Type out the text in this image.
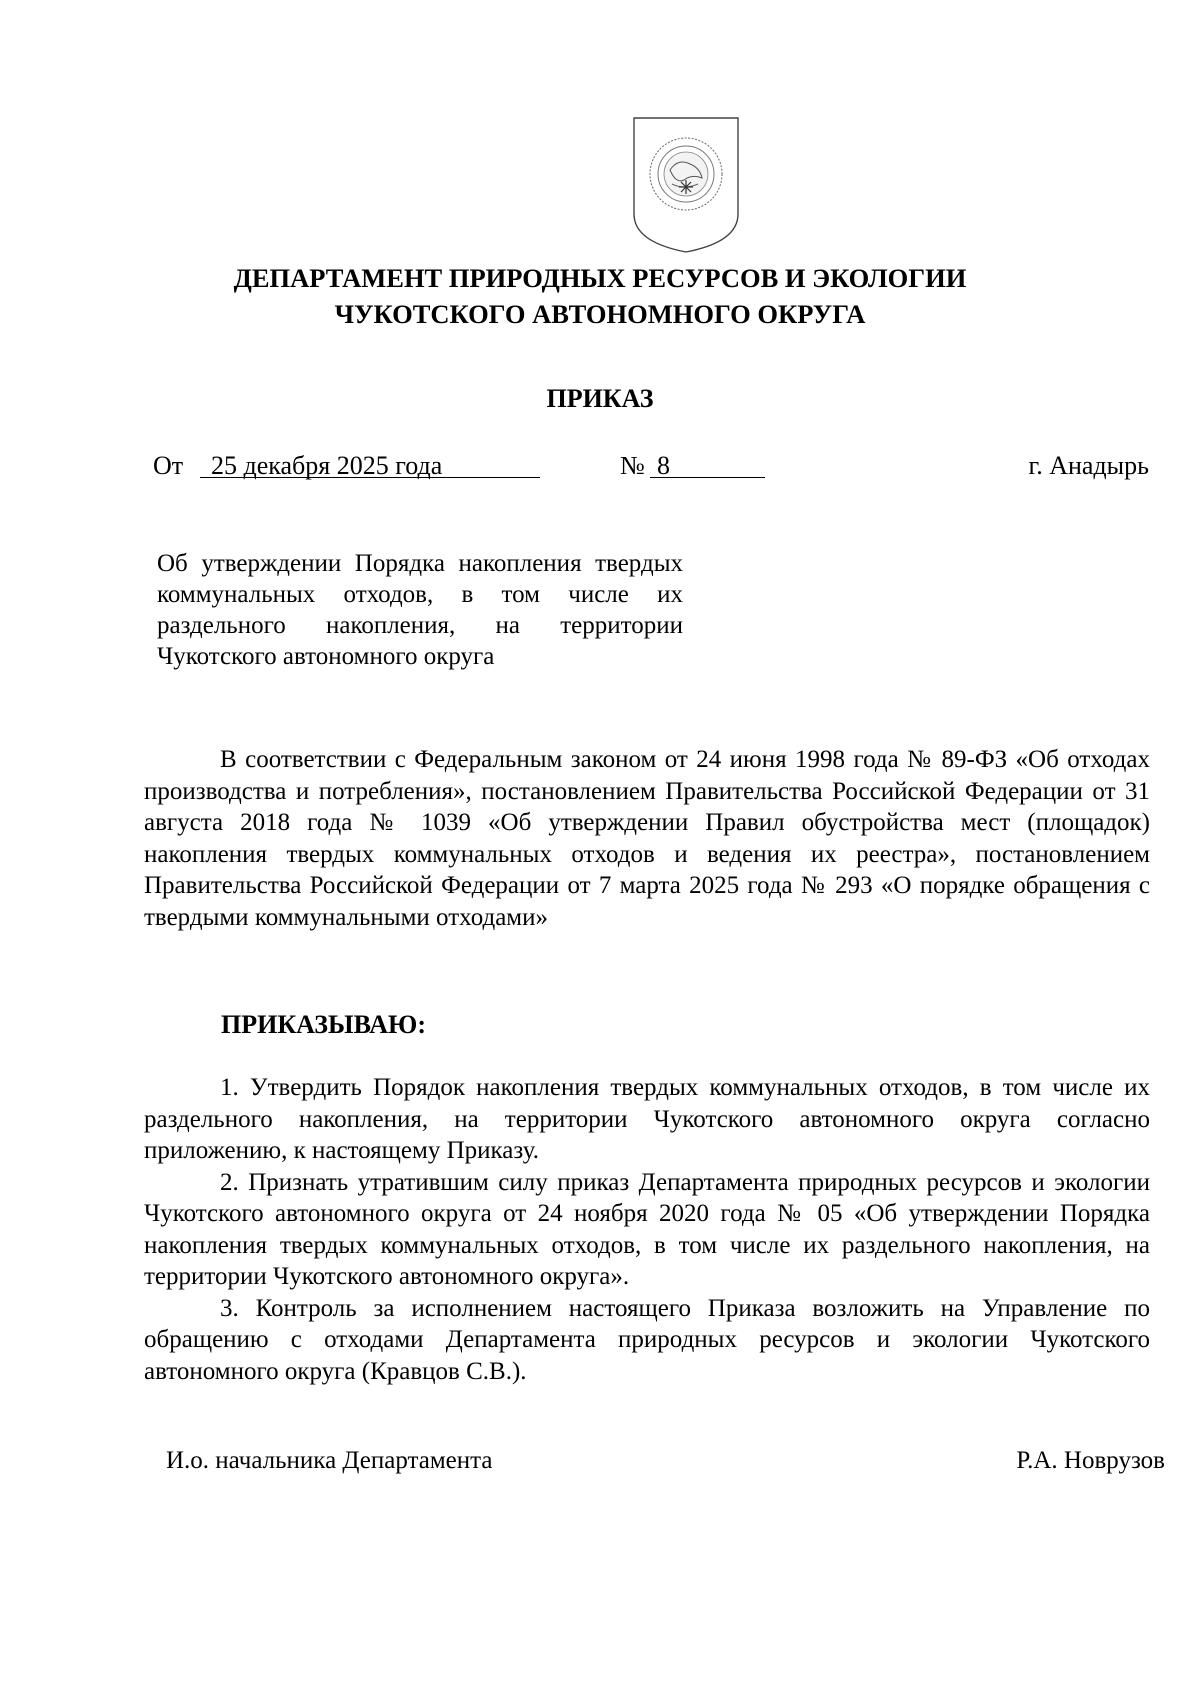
ДЕПАРТАМЕНТ ПРИРОДНЫХ РЕСУРСОВ И ЭКОЛОГИИ
ЧУКОТСКОГО АВТОНОМНОГО ОКРУГА
ПРИКАЗ
От 25 декабря 2025 года	№ 8	г. Анадырь
Об утверждении Порядка накопления твердых коммунальных отходов, в том числе их раздельного накопления, на территории Чукотского автономного округа
В соответствии с Федеральным законом от 24 июня 1998 года № 89-ФЗ «Об отходах производства и потребления», постановлением Правительства Российской Федерации от 31 августа 2018 года № 1039 «Об утверждении Правил обустройства мест (площадок) накопления твердых коммунальных отходов и ведения их реестра», постановлением Правительства Российской Федерации от 7 марта 2025 года № 293 «О порядке обращения с твердыми коммунальными отходами»
ПРИКАЗЫВАЮ:

1. Утвердить Порядок накопления твердых коммунальных отходов, в том числе их раздельного накопления, на территории Чукотского автономного округа согласно приложению, к настоящему Приказу.

2. Признать утратившим силу приказ Департамента природных ресурсов и экологии Чукотского автономного округа от 24 ноября 2020 года № 05 «Об утверждении Порядка накопления твердых коммунальных отходов, в том числе их раздельного накопления, на территории Чукотского автономного округа».

3. Контроль за исполнением настоящего Приказа возложить на Управление по обращению с отходами Департамента природных ресурсов и экологии Чукотского автономного округа (Кравцов С.В.).

И.о. начальника Департамента	Р.А. Новрузов
